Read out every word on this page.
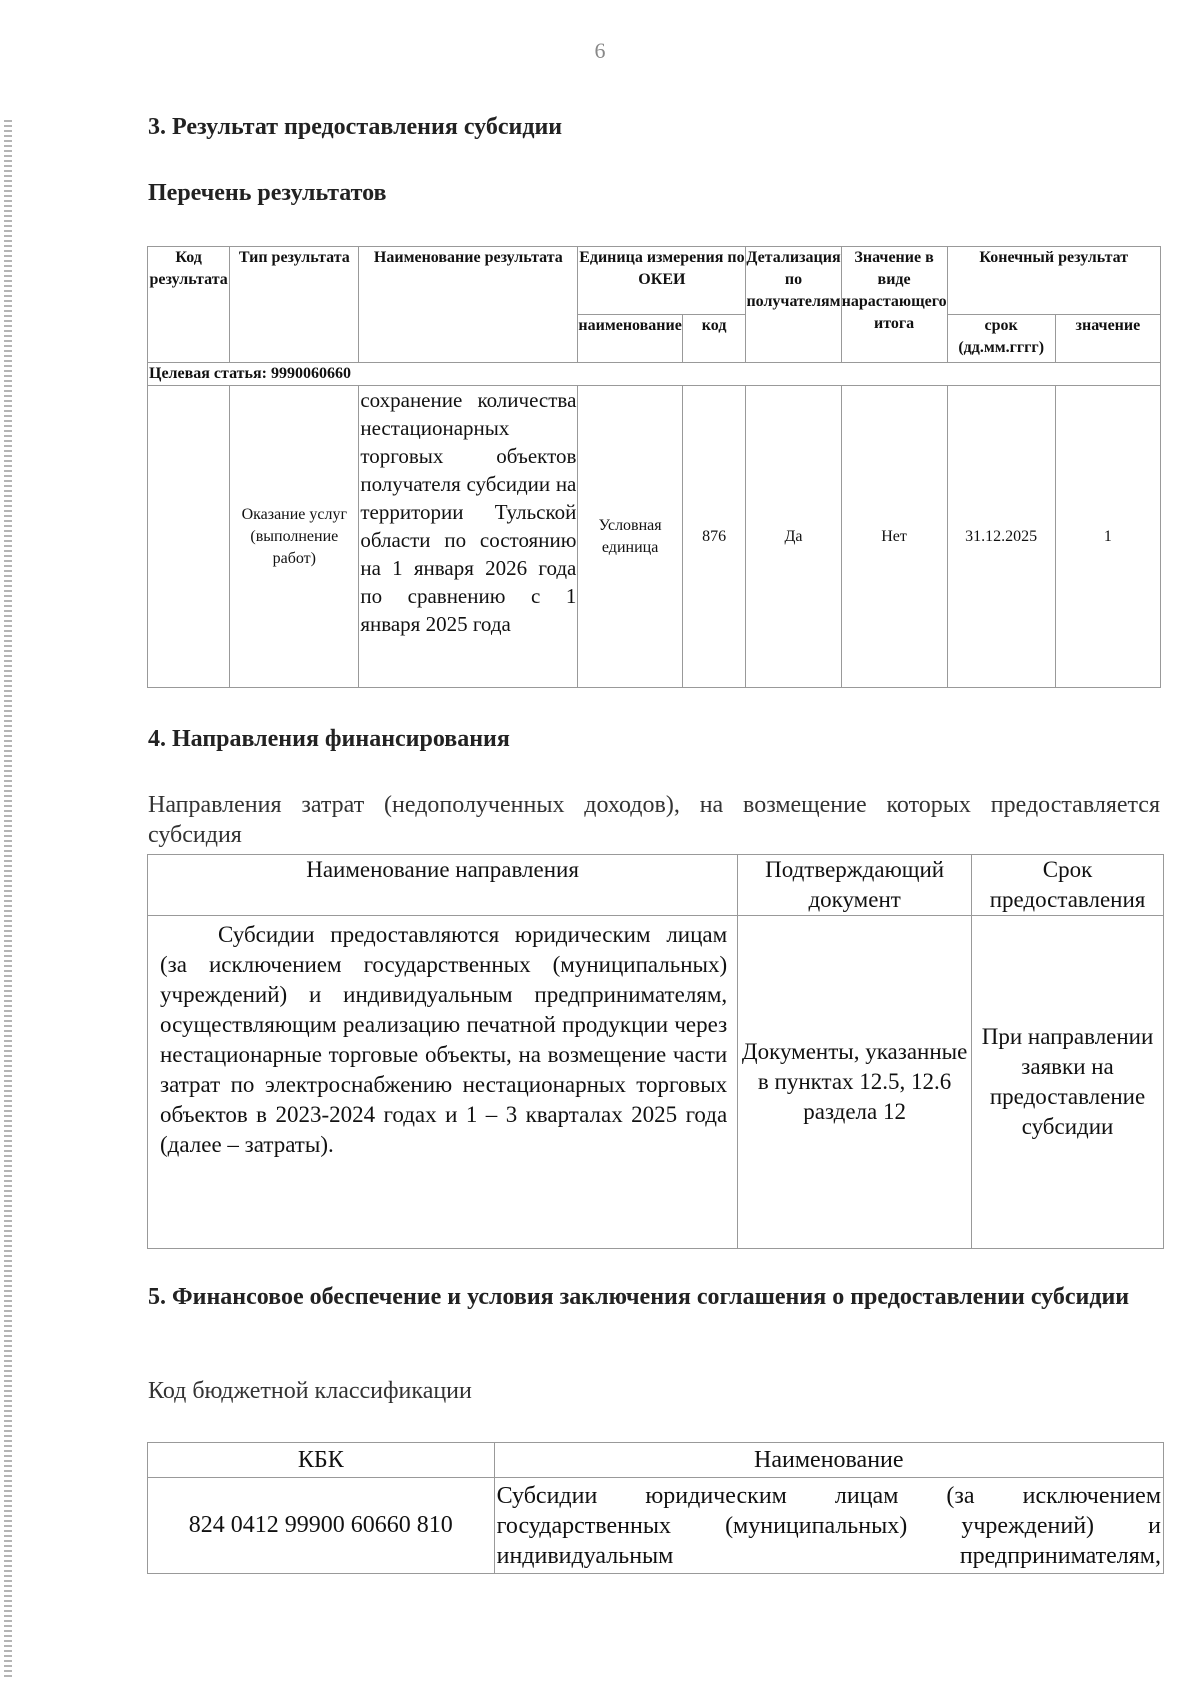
6
3. Результат предоставления субсидии
Перечень результатов
Код результата	Тип результата	Наименование результата	Единица измерения по ОКЕИ		Детализация по получателям	Значение в виде нарастающего итога	Конечный результат	
			наименование	код			срок (дд.мм.гггг)	значение
Целевая статья: 9990060660								
	Оказание услуг (выполнение работ)	сохранение количества нестационарных торговых объектов получателя субсидии на территории Тульской области по состоянию на 1 января 2026 года по сравнению с 1 января 2025 года	Условная единица	876	Да	Нет	31.12.2025	1
4. Направления финансирования
Направления затрат (недополученных доходов), на возмещение которых предоставляется субсидия
Наименование направления	Подтверждающий документ	Срок предоставления

Субсидии предоставляются юридическим лицам (за исключением государственных (муниципальных) учреждений) и индивидуальным предпринимателям, осуществляющим реализацию печатной продукции через нестационарные торговые объекты, на возмещение части затрат по электроснабжению нестационарных торговых объектов в 2023-2024 годах и 1 – 3 кварталах 2025 года (далее – затраты).	Документы, указанные в пунктах 12.5, 12.6 раздела 12	При направлении заявки на предоставление субсидии
5. Финансовое обеспечение и условия заключения соглашения о предоставлении субсидии
Код бюджетной классификации
КБК	Наименование
824 0412 99900 60660 810	Субсидии юридическим лицам (за исключением государственных (муниципальных) учреждений) и индивидуальным предпринимателям,
